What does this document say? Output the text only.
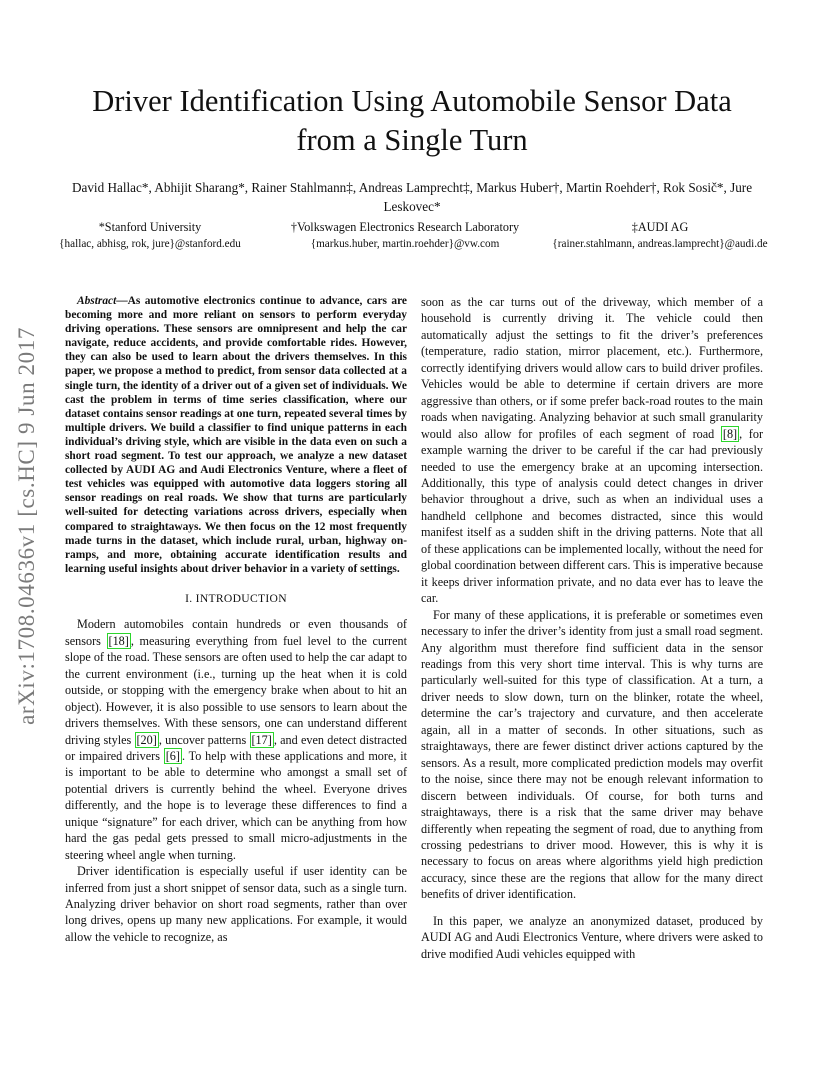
arXiv:1708.04636v1 [cs.HC] 9 Jun 2017
Driver Identification Using Automobile Sensor Data from a Single Turn
David Hallac*, Abhijit Sharang*, Rainer Stahlmann‡, Andreas Lamprecht‡, Markus Huber†, Martin Roehder†, Rok Sosič*, Jure Leskovec*
*Stanford University
{hallac, abhisg, rok, jure}@stanford.edu
†Volkswagen Electronics Research Laboratory
{markus.huber, martin.roehder}@vw.com
‡AUDI AG
{rainer.stahlmann, andreas.lamprecht}@audi.de

Abstract—As automotive electronics continue to advance, cars are becoming more and more reliant on sensors to perform everyday driving operations. These sensors are omnipresent and help the car navigate, reduce accidents, and provide comfortable rides. However, they can also be used to learn about the drivers themselves. In this paper, we propose a method to predict, from sensor data collected at a single turn, the identity of a driver out of a given set of individuals. We cast the problem in terms of time series classification, where our dataset contains sensor readings at one turn, repeated several times by multiple drivers. We build a classifier to find unique patterns in each individual’s driving style, which are visible in the data even on such a short road segment. To test our approach, we analyze a new dataset collected by AUDI AG and Audi Electronics Venture, where a fleet of test vehicles was equipped with automotive data loggers storing all sensor readings on real roads. We show that turns are particularly well-suited for detecting variations across drivers, especially when compared to straightaways. We then focus on the 12 most frequently made turns in the dataset, which include rural, urban, highway on-ramps, and more, obtaining accurate identification results and learning useful insights about driver behavior in a variety of settings.

I. INTRODUCTION

Modern automobiles contain hundreds or even thousands of sensors [18] , measuring everything from fuel level to the current slope of the road. These sensors are often used to help the car adapt to the current environment (i.e., turning up the heat when it is cold outside, or stopping with the emergency brake when about to hit an object). However, it is also possible to use sensors to learn about the drivers themselves. With these sensors, one can understand different driving styles [20] , uncover patterns [17] , and even detect distracted or impaired drivers [6] . To help with these applications and more, it is important to be able to determine who amongst a small set of potential drivers is currently behind the wheel. Everyone drives differently, and the hope is to leverage these differences to find a unique “signature” for each driver, which can be anything from how hard the gas pedal gets pressed to small micro-adjustments in the steering wheel angle when turning.

Driver identification is especially useful if user identity can be inferred from just a short snippet of sensor data, such as a single turn. Analyzing driver behavior on short road segments, rather than over long drives, opens up many new applications. For example, it would allow the vehicle to recognize, as

soon as the car turns out of the driveway, which member of a household is currently driving it. The vehicle could then automatically adjust the settings to fit the driver’s preferences (temperature, radio station, mirror placement, etc.). Furthermore, correctly identifying drivers would allow cars to build driver profiles. Vehicles would be able to determine if certain drivers are more aggressive than others, or if some prefer back-road routes to the main roads when navigating. Analyzing behavior at such small granularity would also allow for profiles of each segment of road [8] , for example warning the driver to be careful if the car had previously needed to use the emergency brake at an upcoming intersection. Additionally, this type of analysis could detect changes in driver behavior throughout a drive, such as when an individual uses a handheld cellphone and becomes distracted, since this would manifest itself as a sudden shift in the driving patterns. Note that all of these applications can be implemented locally, without the need for global coordination between different cars. This is imperative because it keeps driver information private, and no data ever has to leave the car.

For many of these applications, it is preferable or sometimes even necessary to infer the driver’s identity from just a small road segment. Any algorithm must therefore find sufficient data in the sensor readings from this very short time interval. This is why turns are particularly well-suited for this type of classification. At a turn, a driver needs to slow down, turn on the blinker, rotate the wheel, determine the car’s trajectory and curvature, and then accelerate again, all in a matter of seconds. In other situations, such as straightaways, there are fewer distinct driver actions captured by the sensors. As a result, more complicated prediction models may overfit to the noise, since there may not be enough relevant information to discern between individuals. Of course, for both turns and straightaways, there is a risk that the same driver may behave differently when repeating the segment of road, due to anything from crossing pedestrians to driver mood. However, this is why it is necessary to focus on areas where algorithms yield high prediction accuracy, since these are the regions that allow for the many direct benefits of driver identification.

In this paper, we analyze an anonymized dataset, produced by AUDI AG and Audi Electronics Venture, where drivers were asked to drive modified Audi vehicles equipped with
